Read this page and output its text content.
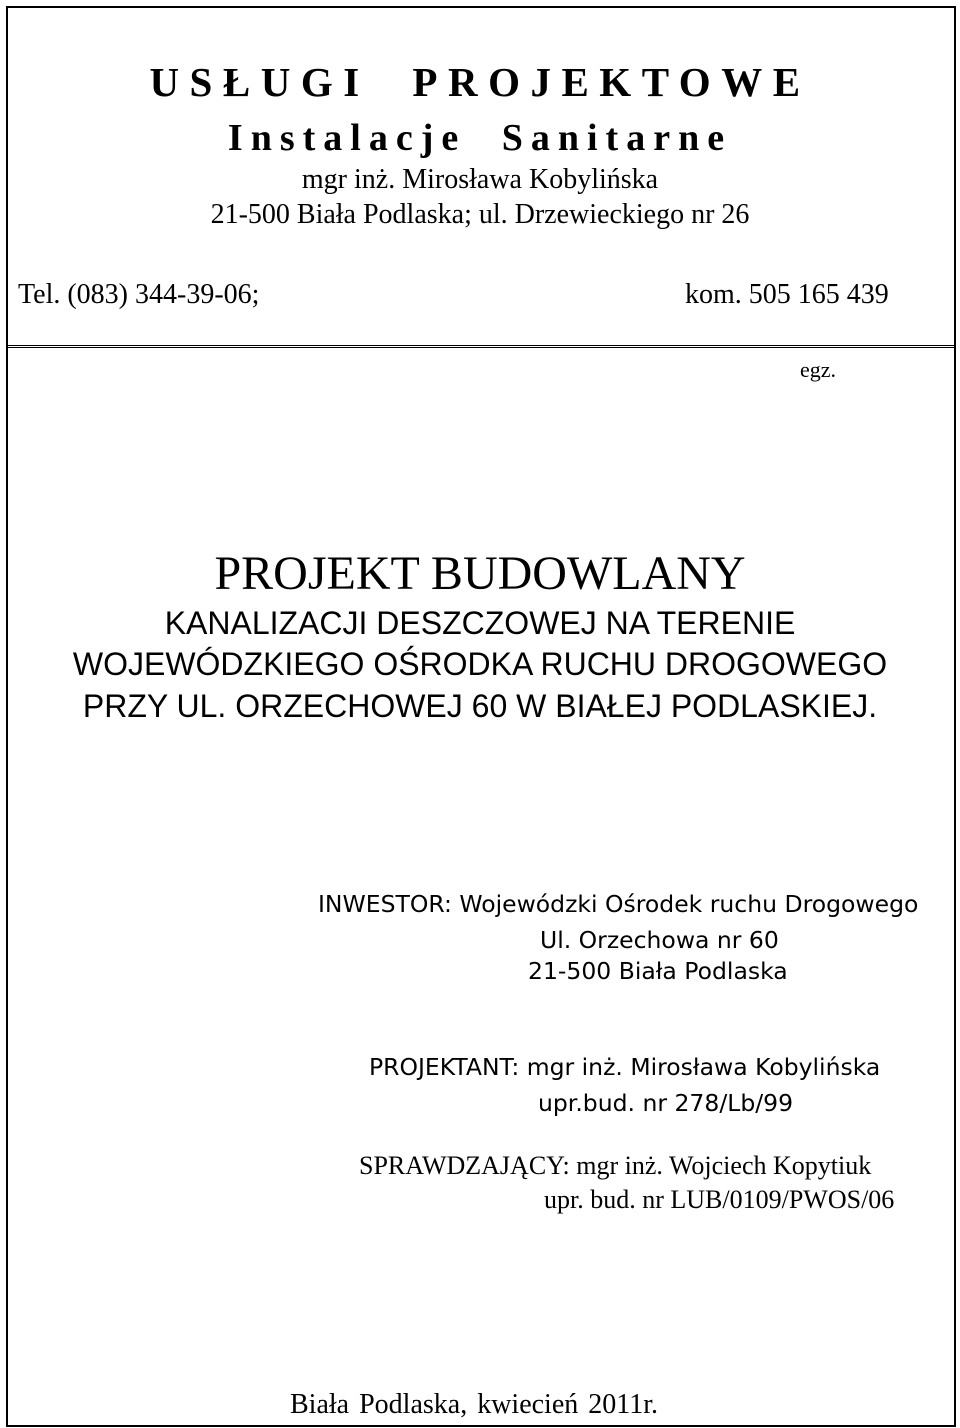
USŁUGI PROJEKTOWE
Instalacje Sanitarne
mgr inż. Mirosława Kobylińska
21-500 Biała Podlaska; ul. Drzewieckiego nr 26
Tel. (083) 344-39-06;	kom. 505 165 439
egz.
PROJEKT BUDOWLANY
KANALIZACJI DESZCZOWEJ NA TERENIE
WOJEWÓDZKIEGO OŚRODKA RUCHU DROGOWEGO
PRZY UL. ORZECHOWEJ 60 W BIAŁEJ PODLASKIEJ.
INWESTOR: Wojewódzki Ośrodek ruchu Drogowego
Ul. Orzechowa nr 60
21-500 Biała Podlaska
PROJEKTANT: mgr inż. Mirosława Kobylińska
upr.bud. nr 278/Lb/99
SPRAWDZAJĄCY: mgr inż. Wojciech Kopytiuk
upr. bud. nr LUB/0109/PWOS/06
Biała Podlaska, kwiecień 2011r.
